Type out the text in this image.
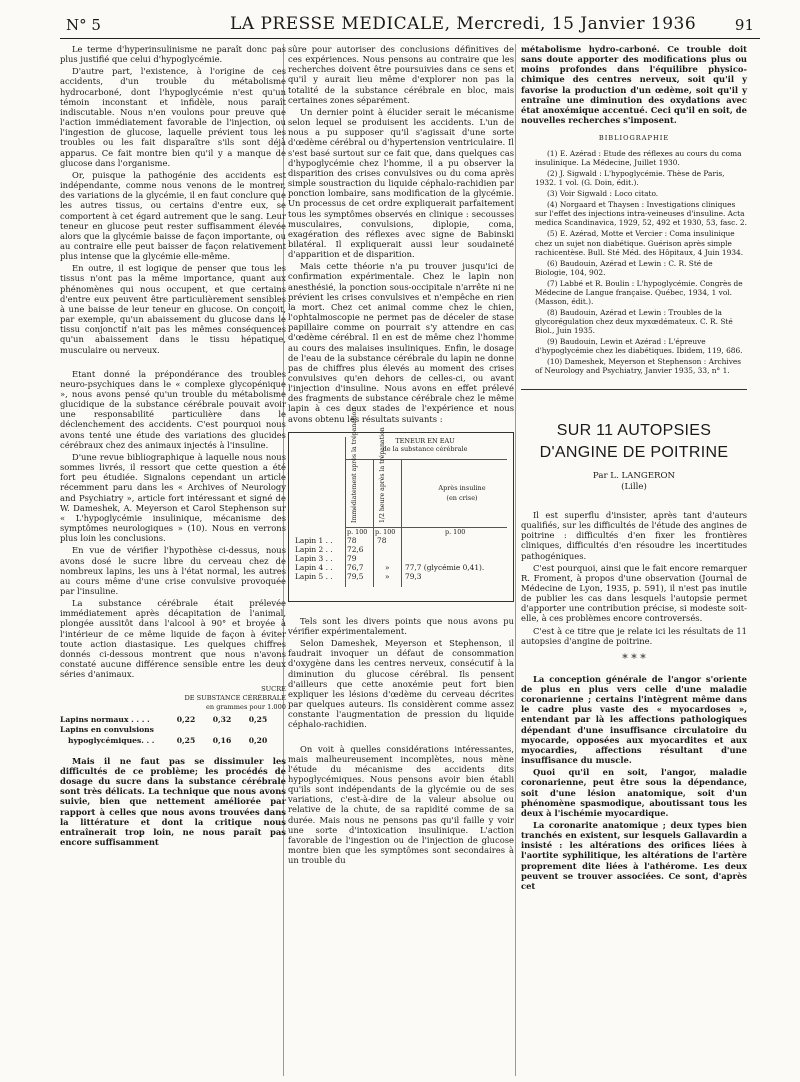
N° 5	LA PRESSE MEDICALE, Mercredi, 15 Janvier 1936	91

Le terme d'hyperinsulinisme ne paraît donc pas plus justifié que celui d'hypoglycémie.

D'autre part, l'existence, à l'origine de ces accidents, d'un trouble du métabolisme hydrocarboné, dont l'hypoglycémie n'est qu'un témoin inconstant et infidèle, nous paraît indiscutable. Nous n'en voulons pour preuve que l'action immédiatement favorable de l'injection, ou l'ingestion de glucose, laquelle prévient tous les troubles ou les fait disparaître s'ils sont déjà apparus. Ce fait montre bien qu'il y a manque de glucose dans l'organisme.

Or, puisque la pathogénie des accidents est indépendante, comme nous venons de le montrer, des variations de la glycémie, il en faut conclure que les autres tissus, ou certains d'entre eux, se comportent à cet égard autrement que le sang. Leur teneur en glucose peut rester suffisamment élevée alors que la glycémie baisse de façon importante, ou au contraire elle peut baisser de façon relativement plus intense que la glycémie elle-même.

En outre, il est logique de penser que tous les tissus n'ont pas la même importance, quant aux phénomènes qui nous occupent, et que certains d'entre eux peuvent être particulièrement sensibles à une baisse de leur teneur en glucose. On conçoit, par exemple, qu'un abaissement du glucose dans le tissu conjonctif n'ait pas les mêmes conséquences qu'un abaissement dans le tissu hépatique, musculaire ou nerveux.

Etant donné la prépondérance des troubles neuro-psychiques dans le « complexe glycopénique », nous avons pensé qu'un trouble du métabolisme glucidique de la substance cérébrale pouvait avoir une responsabilité particulière dans le déclenchement des accidents. C'est pourquoi nous avons tenté une étude des variations des glucides cérébraux chez des animaux injectés à l'insuline.

D'une revue bibliographique à laquelle nous nous sommes livrés, il ressort que cette question a été fort peu étudiée. Signalons cependant un article récemment paru dans les « Archives of Neurology and Psychiatry », article fort intéressant et signé de W. Dameshek, A. Meyerson et Carol Stephenson sur « L'hypoglycémie insulinique, mécanisme des symptômes neurologiques » (10). Nous en verrons plus loin les conclusions.

En vue de vérifier l'hypothèse ci-dessus, nous avons dosé le sucre libre du cerveau chez de nombreux lapins, les uns à l'état normal, les autres au cours même d'une crise convulsive provoquée par l'insuline.

La substance cérébrale était prélevée immédiatement après décapitation de l'animal, plongée aussitôt dans l'alcool à 90° et broyée à l'intérieur de ce même liquide de façon à éviter toute action diastasique. Les quelques chiffres donnés ci-dessous montrent que nous n'avons constaté aucune différence sensible entre les deux séries d'animaux.

SUCRE
DE SUBSTANCE CÉRÉBRALE
en grammes pour 1.000
Lapins normaux . . . .	0,22	0,32	0,25
Lapins en convulsions
hypoglycémiques. . .	0,25	0,16	0,20

Mais il ne faut pas se dissimuler les difficultés de ce problème; les procédés de dosage du sucre dans la substance cérébrale sont très délicats. La technique que nous avons suivie, bien que nettement améliorée par rapport à celles que nous avons trouvées dans la littérature et dont la critique nous entraînerait trop loin, ne nous paraît pas encore suffisamment

sûre pour autoriser des conclusions définitives de ces expériences. Nous pensons au contraire que les recherches doivent être poursuivies dans ce sens et qu'il y aurait lieu même d'explorer non pas la totalité de la substance cérébrale en bloc, mais certaines zones séparément.

Un dernier point à élucider serait le mécanisme selon lequel se produisent les accidents. L'un de nous a pu supposer qu'il s'agissait d'une sorte d'œdème cérébral ou d'hypertension ventriculaire. Il s'est basé surtout sur ce fait que, dans quelques cas d'hypoglycémie chez l'homme, il a pu observer la disparition des crises convulsives ou du coma après simple soustraction du liquide céphalo-rachidien par ponction lombaire, sans modification de la glycémie. Un processus de cet ordre expliquerait parfaitement tous les symptômes observés en clinique : secousses musculaires, convulsions, diplopie, coma, exagération des réflexes avec signe de Babinski bilatéral. Il expliquerait aussi leur soudaineté d'apparition et de disparition.

Mais cette théorie n'a pu trouver jusqu'ici de confirmation expérimentale. Chez le lapin non anesthésié, la ponction sous-occipitale n'arrête ni ne prévient les crises convulsives et n'empêche en rien la mort. Chez cet animal comme chez le chien, l'ophtalmoscopie ne permet pas de déceler de stase papillaire comme on pourrait s'y attendre en cas d'œdème cérébral. Il en est de même chez l'homme au cours des malaises insuliniques. Enfin, le dosage de l'eau de la substance cérébrale du lapin ne donne pas de chiffres plus élevés au moment des crises convulsives qu'en dehors de celles-ci, ou avant l'injection d'insuline. Nous avons en effet prélevé des fragments de substance cérébrale chez le même lapin à ces deux stades de l'expérience et nous avons obtenu les résultats suivants :

TENEUR EN EAU
de la substance cérébrale
Immédiatement après la trépanation	1/2 heure après la trépanation	Après insuline
(en crise)
p. 100 p. 100	p. 100
Lapin 1 . . 78	78
Lapin 2 . . 72,6
Lapin 3 . . 79
Lapin 4 . . 76,7	» 77,7 (glycémie 0,41).
Lapin 5 . . 79,5	» 79,3

Tels sont les divers points que nous avons pu vérifier expérimentalement.

Selon Dameshek, Meyerson et Stephenson, il faudrait invoquer un défaut de consommation d'oxygène dans les centres nerveux, consécutif à la diminution du glucose cérébral. Ils pensent d'ailleurs que cette anoxémie peut fort bien expliquer les lésions d'œdème du cerveau décrites par quelques auteurs. Ils considèrent comme assez constante l'augmentation de pression du liquide céphalo-rachidien.

On voit à quelles considérations intéressantes, mais malheureusement incomplètes, nous mène l'étude du mécanisme des accidents dits hypoglycémiques. Nous pensons avoir bien établi qu'ils sont indépendants de la glycémie ou de ses variations, c'est-à-dire de la valeur absolue ou relative de la chute, de sa rapidité comme de sa durée. Mais nous ne pensons pas qu'il faille y voir une sorte d'intoxication insulinique. L'action favorable de l'ingestion ou de l'injection de glucose montre bien que les symptômes sont secondaires à un trouble du

métabolisme hydro-carboné. Ce trouble doit sans doute apporter des modifications plus ou moins profondes dans l'équilibre physico-chimique des centres nerveux, soit qu'il y favorise la production d'un œdème, soit qu'il y entraîne une diminution des oxydations avec état anoxémique accentué. Ceci qu'il en soit, de nouvelles recherches s'imposent.

BIBLIOGRAPHIE

(1) E. Azérad : Etude des réflexes au cours du coma insulinique. La Médecine, Juillet 1930.

(2) J. Sigwald : L'hypoglycémie. Thèse de Paris, 1932. 1 vol. (G. Doin, édit.).

(3) Voir Sigwald : Loco citato.

(4) Norgaard et Thaysen : Investigations cliniques sur l'effet des injections intra-veineuses d'insuline. Acta medica Scandinavica, 1929, 52, 492 et 1930, 53, fasc. 2.

(5) E. Azérad, Motte et Vercier : Coma insulinique chez un sujet non diabétique. Guérison après simple rachicentèse. Bull. Sté Méd. des Hôpitaux, 4 Juin 1934.

(6) Baudouin, Azérad et Lewin : C. R. Sté de Biologie, 104, 902.

(7) Labbé et R. Boulin : L'hypoglycémie. Congrès de Médecine de Langue française. Québec, 1934, 1 vol. (Masson, édit.).

(8) Baudouin, Azérad et Lewin : Troubles de la glycorégulation chez deux myxœdémateux. C. R. Sté Biol., Juin 1935.

(9) Baudouin, Lewin et Azérad : L'épreuve d'hypoglycémie chez les diabétiques. Ibidem, 119, 686.

(10) Dameshek, Meyerson et Stephenson : Archives of Neurology and Psychiatry, Janvier 1935, 33, n° 1.

SUR 11 AUTOPSIES
D'ANGINE DE POITRINE
Par L. LANGERON
(Lille)

Il est superflu d'insister, après tant d'auteurs qualifiés, sur les difficultés de l'étude des angines de poitrine : difficultés d'en fixer les frontières cliniques, difficultés d'en résoudre les incertitudes pathogéniques.

C'est pourquoi, ainsi que le fait encore remarquer R. Froment, à propos d'une observation (Journal de Médecine de Lyon, 1935, p. 591), il n'est pas inutile de publier les cas dans lesquels l'autopsie permet d'apporter une contribution précise, si modeste soit-elle, à ces problèmes encore controversés.

C'est à ce titre que je relate ici les résultats de 11 autopsies d'angine de poitrine.

* * *

La conception générale de l'angor s'oriente de plus en plus vers celle d'une maladie coronarienne ; certains l'intègrent même dans le cadre plus vaste des « myocardoses », entendant par là les affections pathologiques dépendant d'une insuffisance circulatoire du myocarde, opposées aux myocardites et aux myocardies, affections résultant d'une insuffisance du muscle.

Quoi qu'il en soit, l'angor, maladie coronarienne, peut être sous la dépendance, soit d'une lésion anatomique, soit d'un phénomène spasmodique, aboutissant tous les deux à l'ischémie myocardique.

La coronarite anatomique ; deux types bien tranchés en existent, sur lesquels Gallavardin a insisté : les altérations des orifices liées à l'aortite syphilitique, les altérations de l'artère proprement dite liées à l'athérome. Les deux peuvent se trouver associées. Ce sont, d'après cet
